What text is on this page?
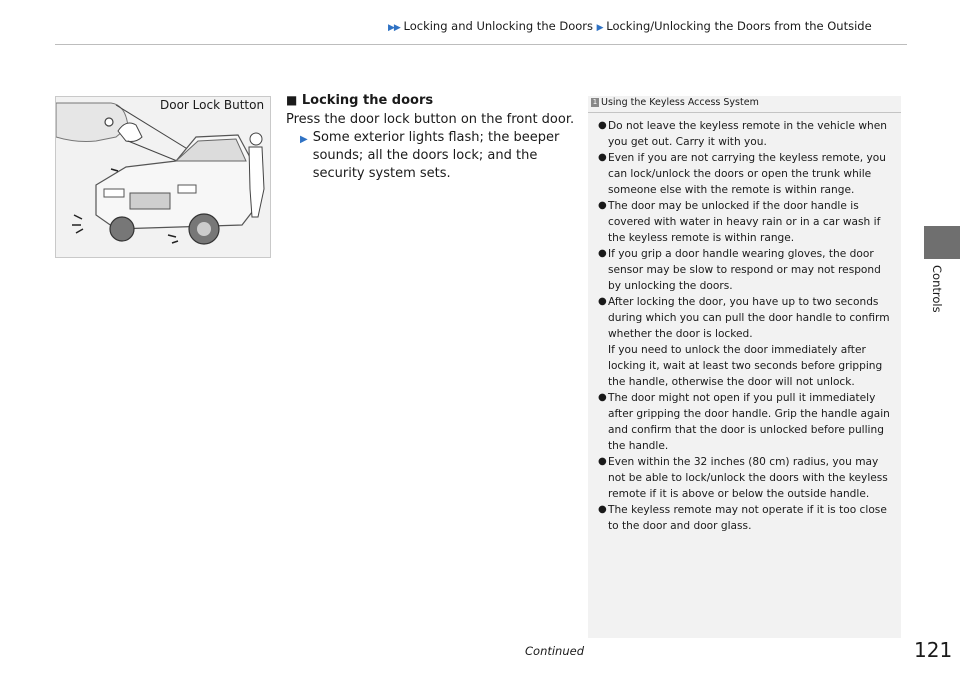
▶▶ Locking and Unlocking the Doors ▶ Locking/Unlocking the Doors from the Outside
Controls
Door Lock Button ■ Locking the doors
Press the door lock button on the front door.
▶ Some exterior lights flash; the beeper sounds; all the doors lock; and the security system sets.
1 Using the Keyless Access System
● Do not leave the keyless remote in the vehicle when you get out. Carry it with you.
● Even if you are not carrying the keyless remote, you can lock/unlock the doors or open the trunk while someone else with the remote is within range.
● The door may be unlocked if the door handle is covered with water in heavy rain or in a car wash if the keyless remote is within range.
● If you grip a door handle wearing gloves, the door sensor may be slow to respond or may not respond by unlocking the doors.
● After locking the door, you have up to two seconds during which you can pull the door handle to confirm whether the door is locked.
If you need to unlock the door immediately after locking it, wait at least two seconds before gripping the handle, otherwise the door will not unlock.
● The door might not open if you pull it immediately after gripping the door handle. Grip the handle again and confirm that the door is unlocked before pulling the handle.
● Even within the 32 inches (80 cm) radius, you may not be able to lock/unlock the doors with the keyless remote if it is above or below the outside handle.
● The keyless remote may not operate if it is too close to the door and door glass.
Continued	121
